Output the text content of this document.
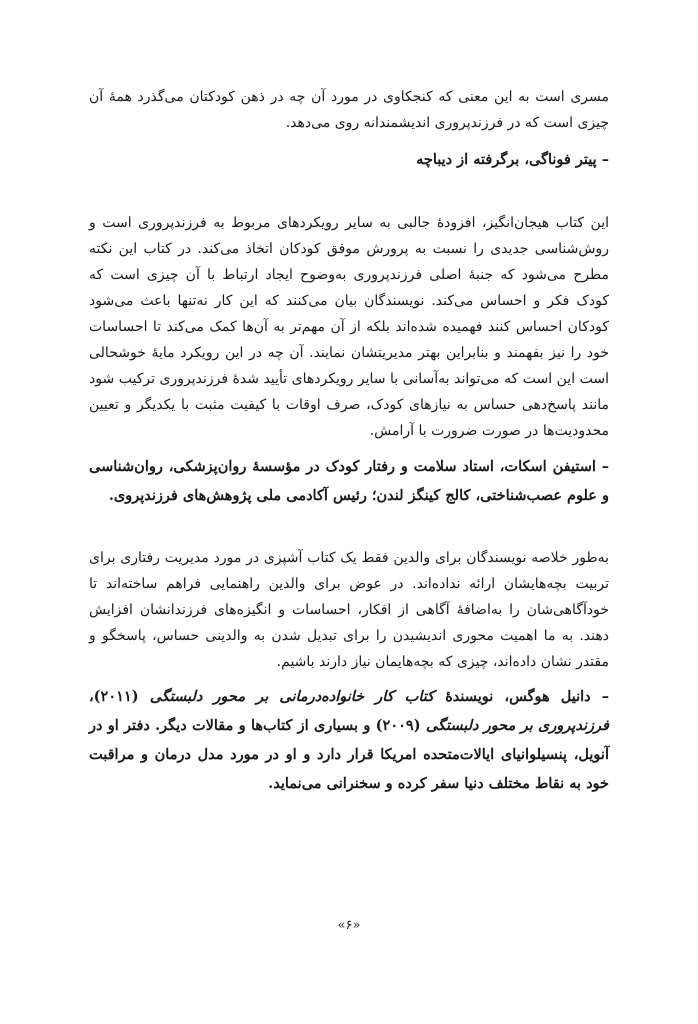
مسری است به این معنی که کنجکاوی در مورد آن چه در ذهن کودکتان می‌گذرد همهٔ آن چیزی است که در فرزندپروری اندیشمندانه روی می‌دهد.

– پیتر فوناگی، برگرفته از دیباچه

این کتاب هیجان‌انگیز، افزودهٔ جالبی به سایر رویکردهای مربوط به فرزندپروری است و روش‌شناسی جدیدی را نسبت به پرورش موفق کودکان اتخاذ می‌کند. در کتاب این نکته مطرح می‌شود که جنبهٔ اصلی فرزندپروری به‌وضوح ایجاد ارتباط با آن چیزی است که کودک فکر و احساس می‌کند. نویسندگان بیان می‌کنند که این کار نه‌تنها باعث می‌شود کودکان احساس کنند فهمیده شده‌اند بلکه از آن مهم‌تر به آن‌ها کمک می‌کند تا احساسات خود را نیز بفهمند و بنابراین بهتر مدیریتشان نمایند. آن چه در این رویکرد مایهٔ خوشحالی است این است که می‌تواند به‌آسانی با سایر رویکردهای تأیید شدهٔ فرزندپروری ترکیب شود مانند پاسخ‌دهی حساس به نیازهای کودک، صرف اوقات با کیفیت مثبت با یکدیگر و تعیین محدودیت‌ها در صورت ضرورت با آرامش.

– استیفن اسکات، استاد سلامت و رفتار کودک در مؤسسهٔ روان‌پزشکی، روان‌شناسی و علوم عصب‌شناختی، کالج کینگز لندن؛ رئیس آکادمی ملی پژوهش‌های فرزندپروی.

به‌طور خلاصه نویسندگان برای والدین فقط یک کتاب آشپزی در مورد مدیریت رفتاری برای تربیت بچه‌هایشان ارائه نداده‌اند. در عوض برای والدین راهنمایی فراهم ساخته‌اند تا خودآگاهی‌شان را به‌اضافهٔ آگاهی از افکار، احساسات و انگیزه‌های فرزندانشان افزایش دهند. به ما اهمیت محوری اندیشیدن را برای تبدیل شدن به والدینی حساس، پاسخگو و مقتدر نشان داده‌اند، چیزی که بچه‌هایمان نیاز دارند باشیم.

– دانیل هوگس، نویسندهٔ کتاب کار خانواده‌درمانی بر محور دلبستگی (۲۰۱۱)، فرزندپروری بر محور دلبستگی (۲۰۰۹) و بسیاری از کتاب‌ها و مقالات دیگر. دفتر او در آنویل، پنسیلوانیای ایالات‌متحده امریکا قرار دارد و او در مورد مدل درمان و مراقبت خود به نقاط مختلف دنیا سفر کرده و سخنرانی می‌نماید.

«۶»
